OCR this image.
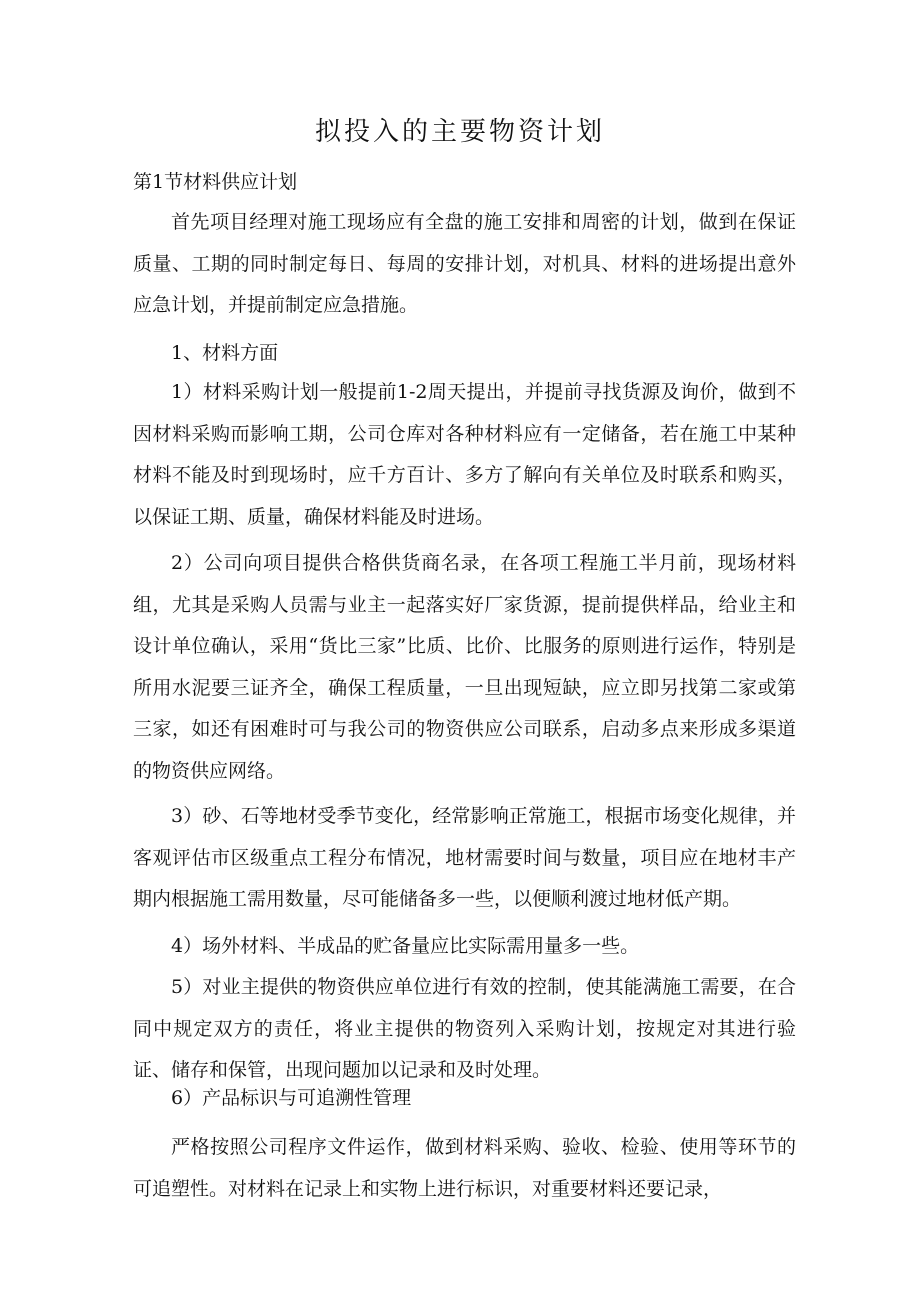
拟投入的主要物资计划
第1节材料供应计划

首先项目经理对施工现场应有全盘的施工安排和周密的计划，做到在保证质量、工期的同时制定每日、每周的安排计划，对机具、材料的进场提出意外应急计划，并提前制定应急措施。

1、材料方面

1）材料采购计划一般提前1-2周天提出，并提前寻找货源及询价，做到不因材料采购而影响工期，公司仓库对各种材料应有一定储备，若在施工中某种材料不能及时到现场时，应千方百计、多方了解向有关单位及时联系和购买，以保证工期、质量，确保材料能及时进场。

2）公司向项目提供合格供货商名录，在各项工程施工半月前，现场材料组，尤其是采购人员需与业主一起落实好厂家货源，提前提供样品，给业主和设计单位确认，采用“货比三家”比质、比价、比服务的原则进行运作，特别是所用水泥要三证齐全，确保工程质量，一旦出现短缺，应立即另找第二家或第三家，如还有困难时可与我公司的物资供应公司联系，启动多点来形成多渠道的物资供应网络。

3）砂、石等地材受季节变化，经常影响正常施工，根据市场变化规律，并客观评估市区级重点工程分布情况，地材需要时间与数量，项目应在地材丰产期内根据施工需用数量，尽可能储备多一些，以便顺利渡过地材低产期。

4）场外材料、半成品的贮备量应比实际需用量多一些。

5）对业主提供的物资供应单位进行有效的控制，使其能满施工需要，在合同中规定双方的责任，将业主提供的物资列入采购计划，按规定对其进行验证、储存和保管，出现问题加以记录和及时处理。

6）产品标识与可追溯性管理

严格按照公司程序文件运作，做到材料采购、验收、检验、使用等环节的可追塑性。对材料在记录上和实物上进行标识，对重要材料还要记录，
